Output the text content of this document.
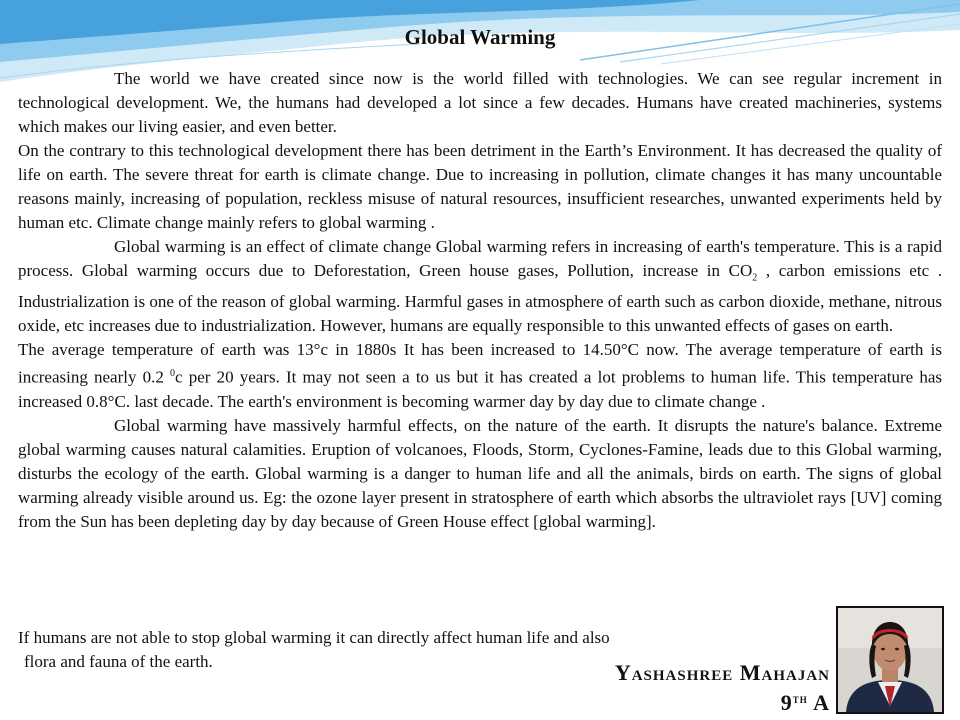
Global Warming

The world we have created since now is the world filled with technologies. We can see regular increment in technological development. We, the humans had developed a lot since a few decades. Humans have created machineries, systems which makes our living easier, and even better.

On the contrary to this technological development there has been detriment in the Earth’s Environment. It has decreased the quality of life on earth. The severe threat for earth is climate change. Due to increasing in pollution, climate changes it has many uncountable reasons mainly, increasing of population, reckless misuse of natural resources, insufficient researches, unwanted experiments held by human etc. Climate change mainly refers to global warming .

Global warming is an effect of climate change Global warming refers in increasing of earth's temperature. This is a rapid process. Global warming occurs due to Deforestation, Green house gases, Pollution, increase in $CO_2$ , carbon emissions etc . Industrialization is one of the reason of global warming. Harmful gases in atmosphere of earth such as carbon dioxide, methane, nitrous oxide, etc increases due to industrialization. However, humans are equally responsible to this unwanted effects of gases on earth.

The average temperature of earth was 13°c in 1880s It has been increased to 14.50°C now. The average temperature of earth is increasing nearly 0.2 $^0$c per 20 years. It may not seen a to us but it has created a lot problems to human life. This temperature has increased 0.8°C. last decade. The earth's environment is becoming warmer day by day due to climate change .

Global warming have massively harmful effects, on the nature of the earth. It disrupts the nature's balance. Extreme global warming causes natural calamities. Eruption of volcanoes, Floods, Storm, Cyclones-Famine, leads due to this Global warming, disturbs the ecology of the earth. Global warming is a danger to human life and all the animals, birds on earth. The signs of global warming already visible around us. Eg: the ozone layer present in stratosphere of earth which absorbs the ultraviolet rays [UV] coming from the Sun has been depleting day by day because of Green House effect [global warming].

If humans are not able to stop global warming it can directly affect human life and also
flora and fauna of the earth.	Yashashree Mahajan
9th A
